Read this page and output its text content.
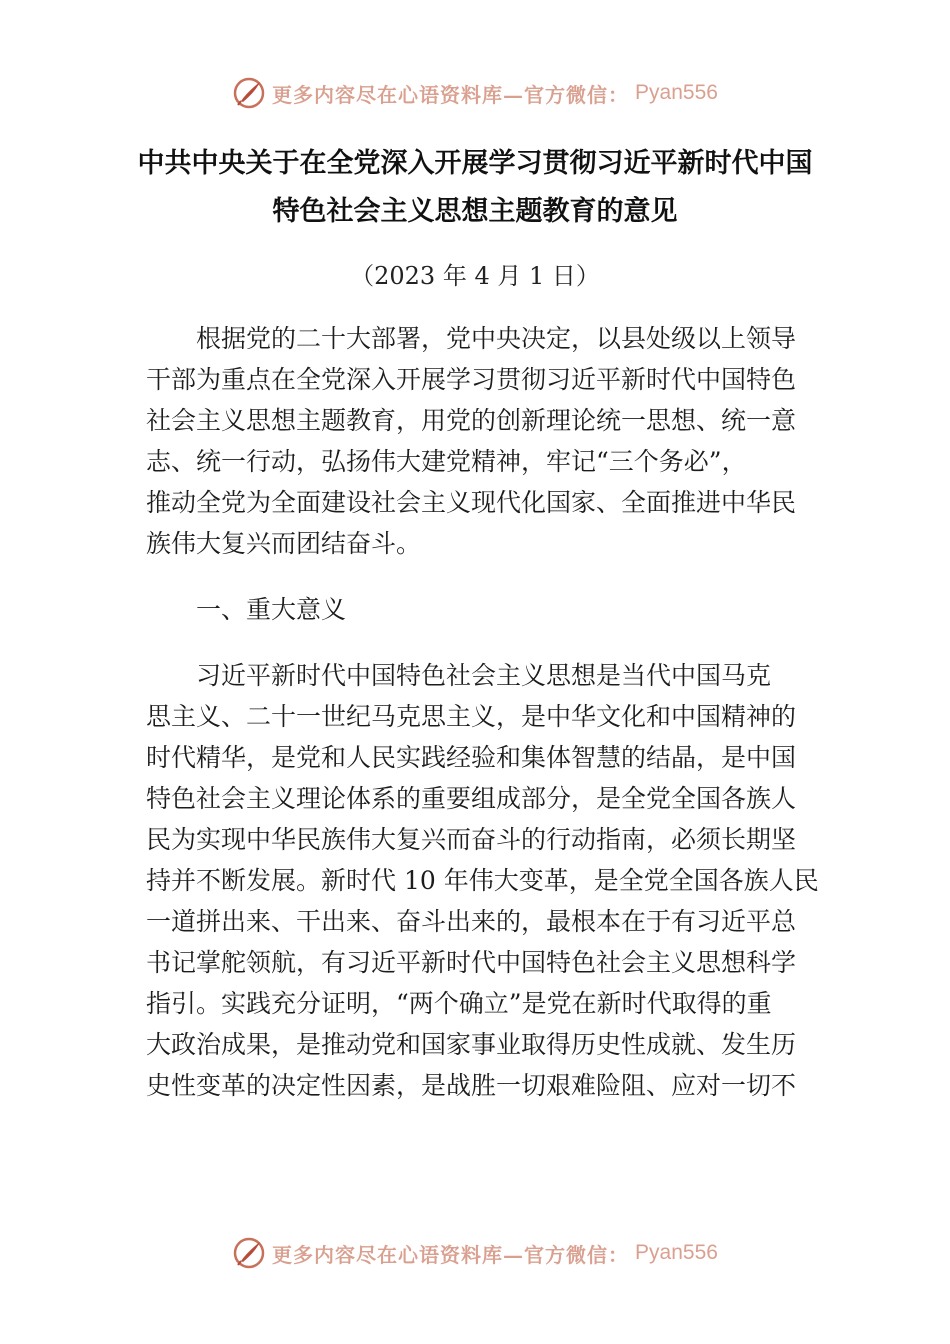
更多内容尽在心语资料库—官方微信： Pyan556
中共中央关于在全党深入开展学习贯彻习近平新时代中国
特色社会主义思想主题教育的意见
（2023 年 4 月 1 日）

根据党的二十大部署，党中央决定，以县处级以上领导
干部为重点在全党深入开展学习贯彻习近平新时代中国特色
社会主义思想主题教育，用党的创新理论统一思想、统一意
志、统一行动，弘扬伟大建党精神，牢记“三个务必”，
推动全党为全面建设社会主义现代化国家、全面推进中华民
族伟大复兴而团结奋斗。

一、重大意义

习近平新时代中国特色社会主义思想是当代中国马克
思主义、二十一世纪马克思主义，是中华文化和中国精神的
时代精华，是党和人民实践经验和集体智慧的结晶，是中国
特色社会主义理论体系的重要组成部分，是全党全国各族人
民为实现中华民族伟大复兴而奋斗的行动指南，必须长期坚
持并不断发展。新时代 10 年伟大变革，是全党全国各族人民
一道拼出来、干出来、奋斗出来的，最根本在于有习近平总
书记掌舵领航，有习近平新时代中国特色社会主义思想科学
指引。实践充分证明，“两个确立”是党在新时代取得的重
大政治成果，是推动党和国家事业取得历史性成就、发生历
史性变革的决定性因素，是战胜一切艰难险阻、应对一切不

更多内容尽在心语资料库—官方微信： Pyan556
